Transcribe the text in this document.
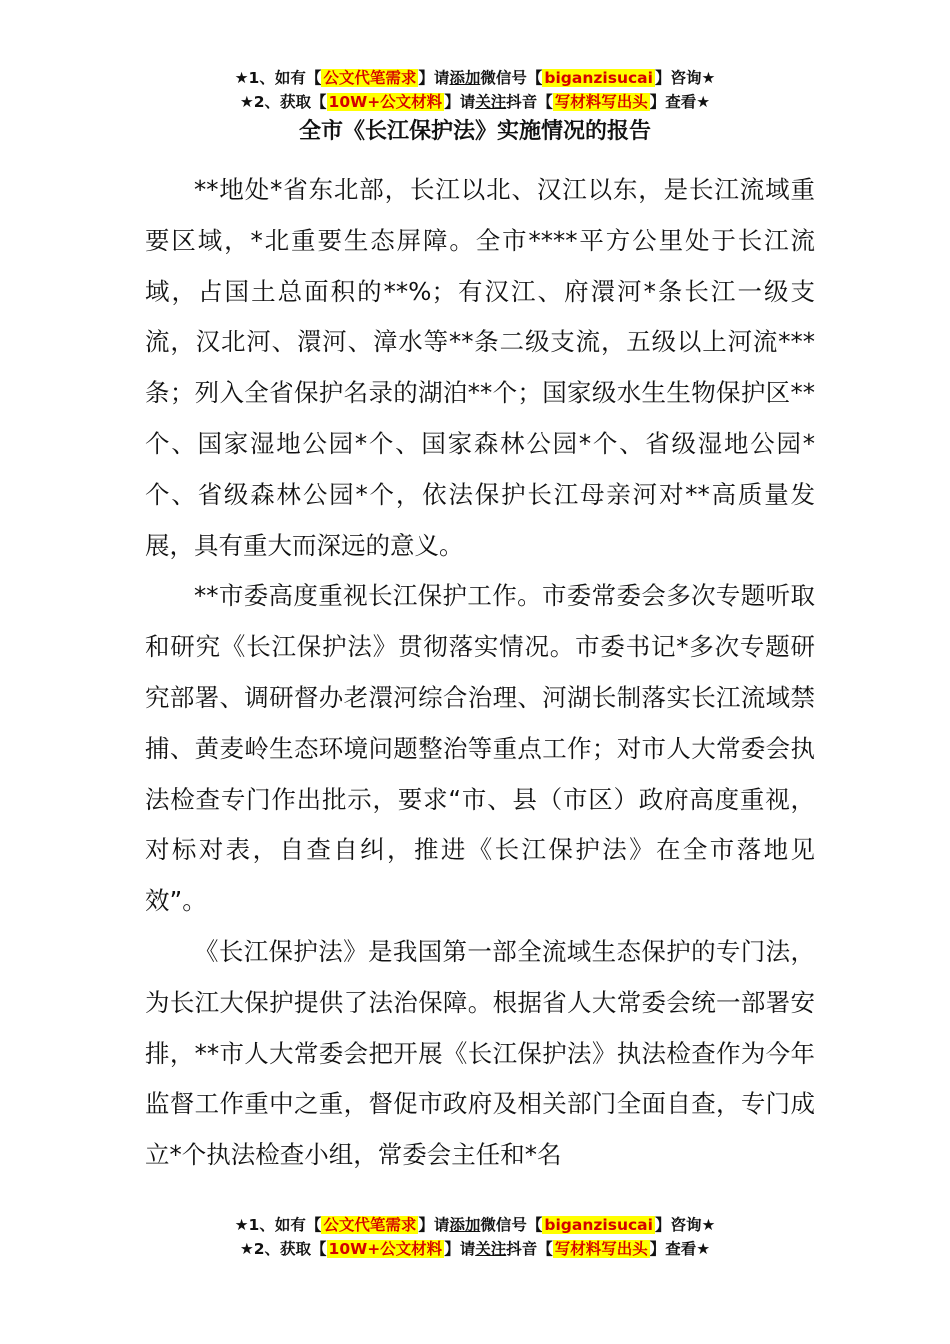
★1、如有【 公文代笔需求 】请添加微信号【 biganzisucai 】咨询★
★2、获取【 10W+公文材料 】请关注抖音【 写材料写出头 】查看★
全市《长江保护法》实施情况的报告

**地处*省东北部，长江以北、汉江以东，是长江流域重要区域，*北重要生态屏障。全市****平方公里处于长江流域，占国土总面积的**%；有汉江、府澴河*条长江一级支流，汉北河、澴河、漳水等**条二级支流，五级以上河流***条；列入全省保护名录的湖泊**个；国家级水生生物保护区**个、国家湿地公园*个、国家森林公园*个、省级湿地公园*个、省级森林公园*个，依法保护长江母亲河对**高质量发展，具有重大而深远的意义。

**市委高度重视长江保护工作。市委常委会多次专题听取和研究《长江保护法》贯彻落实情况。市委书记*多次专题研究部署、调研督办老澴河综合治理、河湖长制落实长江流域禁捕、黄麦岭生态环境问题整治等重点工作；对市人大常委会执法检查专门作出批示，要求“市、县（市区）政府高度重视，对标对表，自查自纠，推进《长江保护法》在全市落地见效”。

《长江保护法》是我国第一部全流域生态保护的专门法，为长江大保护提供了法治保障。根据省人大常委会统一部署安排，**市人大常委会把开展《长江保护法》执法检查作为今年监督工作重中之重，督促市政府及相关部门全面自查，专门成立*个执法检查小组，常委会主任和*名

★1、如有【 公文代笔需求 】请添加微信号【 biganzisucai 】咨询★
★2、获取【 10W+公文材料 】请关注抖音【 写材料写出头 】查看★
